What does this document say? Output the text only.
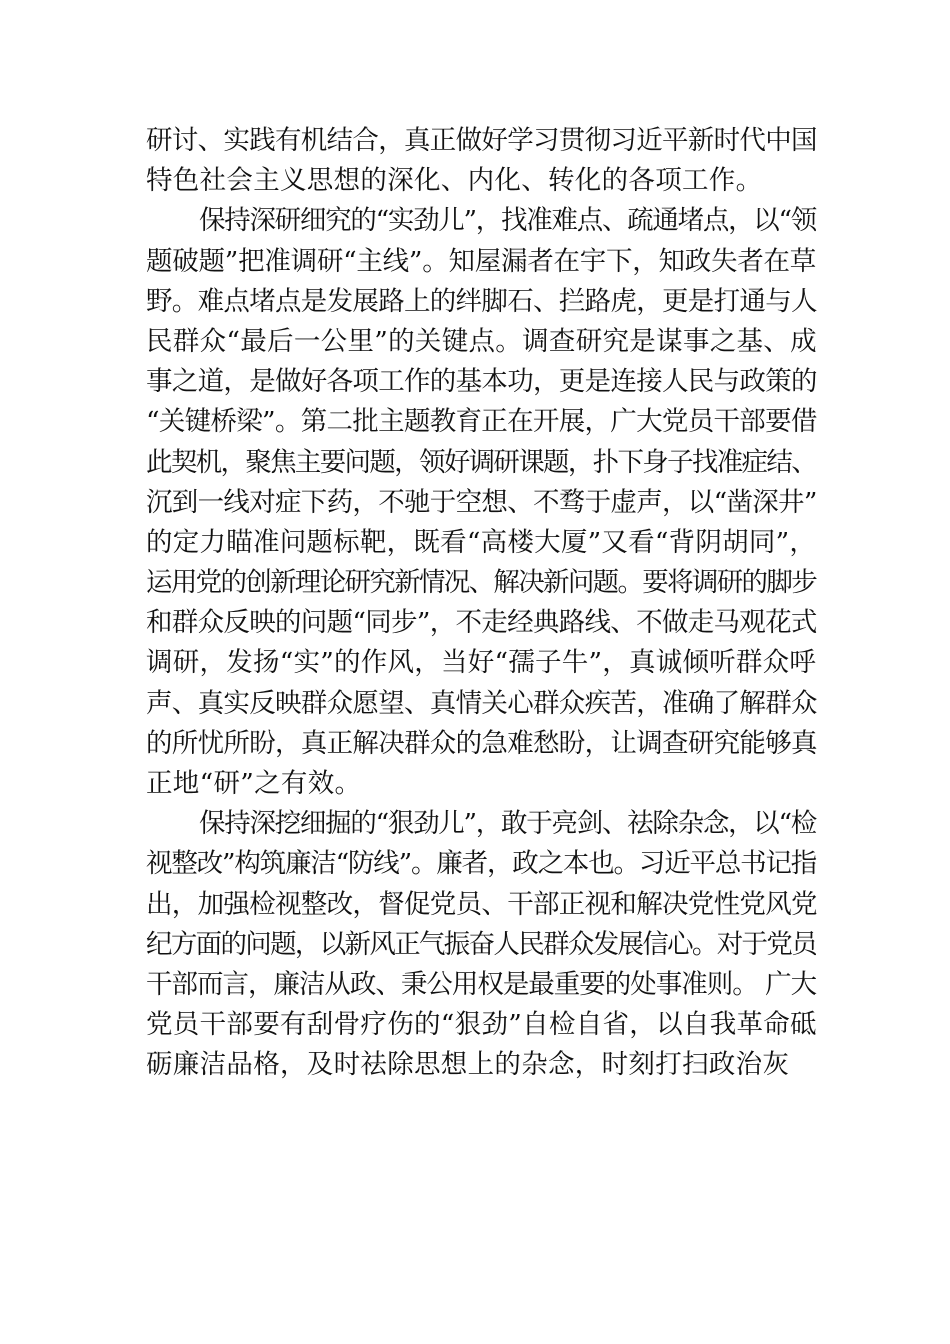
研讨、实践有机结合，真正做好学习贯彻习近平新时代中国
特色社会主义思想的深化、内化、转化的各项工作。
保持深研细究的“实劲儿”，找准难点、疏通堵点，以“领
题破题”把准调研“主线”。知屋漏者在宇下，知政失者在草
野。难点堵点是发展路上的绊脚石、拦路虎，更是打通与人
民群众“最后一公里”的关键点。调查研究是谋事之基、成
事之道，是做好各项工作的基本功，更是连接人民与政策的
“关键桥梁”。第二批主题教育正在开展，广大党员干部要借
此契机，聚焦主要问题，领好调研课题，扑下身子找准症结、
沉到一线对症下药，不驰于空想、不骛于虚声，以“凿深井”
的定力瞄准问题标靶，既看“高楼大厦”又看“背阴胡同”，
运用党的创新理论研究新情况、解决新问题。要将调研的脚步
和群众反映的问题“同步”，不走经典路线、不做走马观花式
调研，发扬“实”的作风，当好“孺子牛”，真诚倾听群众呼
声、真实反映群众愿望、真情关心群众疾苦，准确了解群众
的所忧所盼，真正解决群众的急难愁盼，让调查研究能够真
正地“研”之有效。
保持深挖细掘的“狠劲儿”，敢于亮剑、祛除杂念，以“检
视整改”构筑廉洁“防线”。廉者，政之本也。习近平总书记指
出，加强检视整改，督促党员、干部正视和解决党性党风党
纪方面的问题，以新风正气振奋人民群众发展信心。对于党员
干部而言，廉洁从政、秉公用权是最重要的处事准则。 广大
党员干部要有刮骨疗伤的“狠劲”自检自省，以自我革命砥
砺廉洁品格，及时祛除思想上的杂念，时刻打扫政治灰
